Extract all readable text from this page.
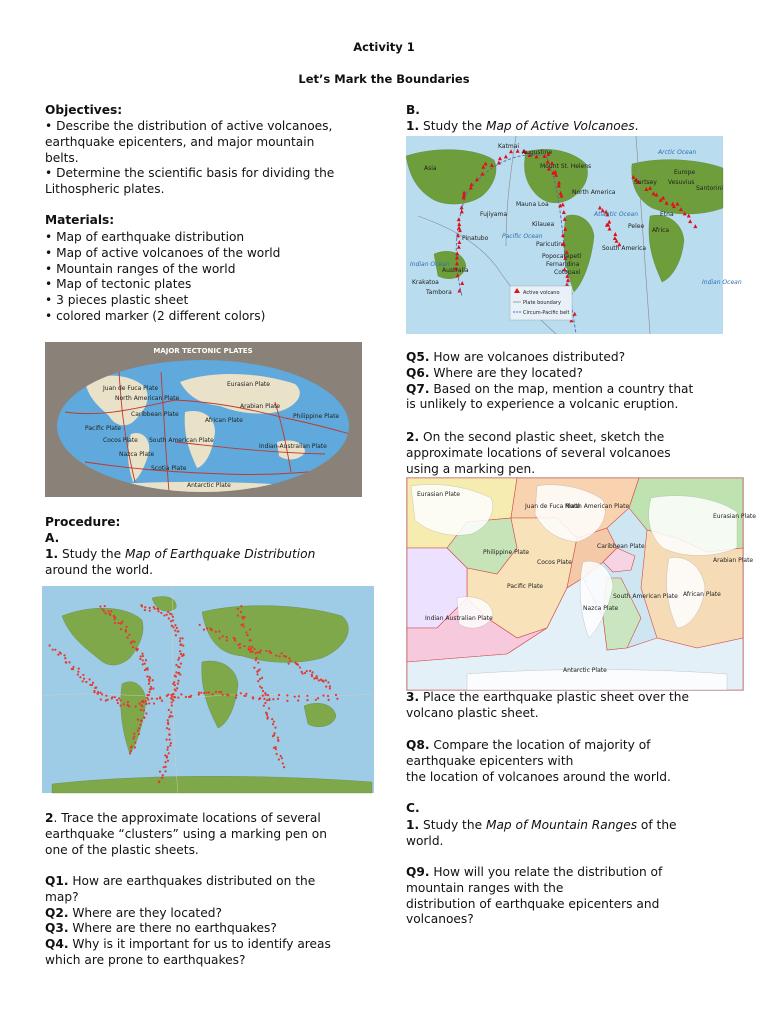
Activity 1
Let’s Mark the Boundaries
Objectives:
• Describe the distribution of active volcanoes,
earthquake epicenters, and major mountain
belts.
• Determine the scientific basis for dividing the
Lithospheric plates.
Materials:
• Map of earthquake distribution
• Map of active volcanoes of the world
• Mountain ranges of the world
• Map of tectonic plates
• 3 pieces plastic sheet
• colored marker (2 different colors)
MAJOR TECTONIC PLATES
Juan de Fuca Plate
North American Plate
Eurasian Plate
Caribbean Plate
African Plate
Arabian Plate
Philippine Plate
Pacific Plate
Cocos Plate
Nazca Plate
South American Plate
Indian-Australian Plate
Scotia Plate
Antarctic Plate
Procedure:
A.
1. Study the Map of Earthquake Distribution
around the world.
2. Trace the approximate locations of several
earthquake “clusters” using a marking pen on
one of the plastic sheets.
Q1. How are earthquakes distributed on the
map?
Q2. Where are they located?
Q3. Where are there no earthquakes?
Q4. Why is it important for us to identify areas
which are prone to earthquakes?
B.
1. Study the Map of Active Volcanoes.
Katmai
Augustine	Arctic Ocean
Asia	Mount St. Helens
North America
Surtsey Vesuvius
Santorini
Europe
Etna
Fujiyama
Mauna Loa
Kilauea
Atlantic Ocean
Pacific Ocean
Pinatubo
Paricutin
Popocatepetl
Fernandina
Cotopaxi
Pelee
Africa
South America
Indian Ocean
Australia
Krakatoa
Tambora
Indian Ocean
Active volcano
Plate boundary
Circum-Pacific belt
Q5. How are volcanoes distributed?
Q6. Where are they located?
Q7. Based on the map, mention a country that
is unlikely to experience a volcanic eruption.
2. On the second plastic sheet, sketch the
approximate locations of several volcanoes
using a marking pen.
Eurasian Plate
Juan de Fuca Plate
North American Plate
Eurasian Plate
Philippine Plate
Caribbean Plate
Cocos Plate	Arabian Plate
Pacific Plate
African Plate
Indian Australian Plate
Nazca Plate
South American Plate
Antarctic Plate
3. Place the earthquake plastic sheet over the
volcano plastic sheet.
Q8. Compare the location of majority of
earthquake epicenters with
the location of volcanoes around the world.
C.
1. Study the Map of Mountain Ranges of the
world.
Q9. How will you relate the distribution of
mountain ranges with the
distribution of earthquake epicenters and
volcanoes?
